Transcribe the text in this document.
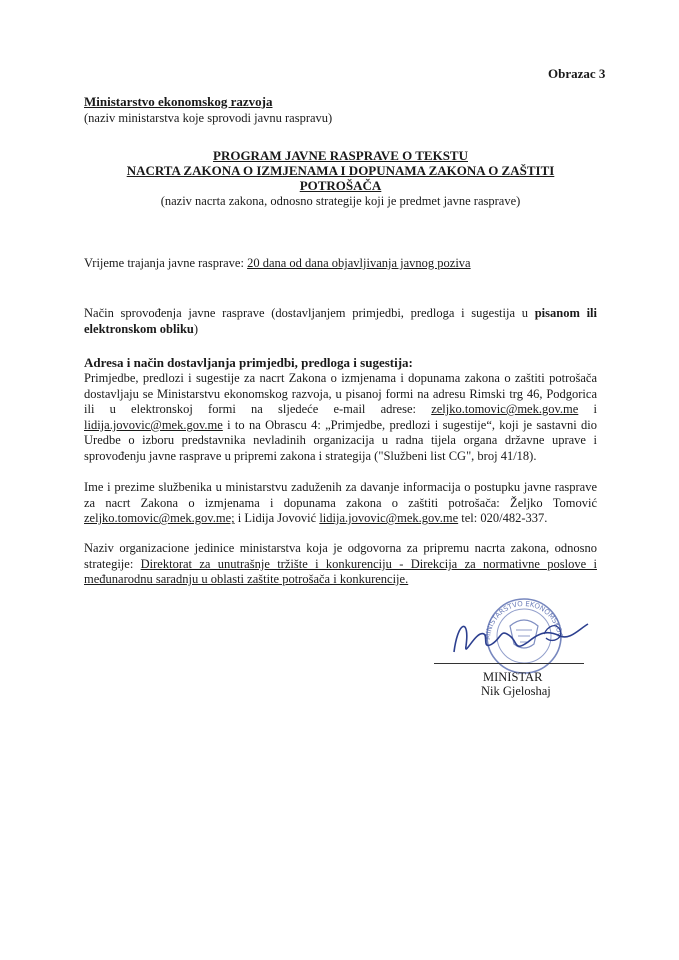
Obrazac 3
Ministarstvo ekonomskog razvoja
(naziv ministarstva koje sprovodi javnu raspravu)
PROGRAM JAVNE RASPRAVE O TEKSTU
NACRTA ZAKONA O IZMJENAMA I DOPUNAMA ZAKONA O ZAŠTITI
POTROŠAČA
(naziv nacrta zakona, odnosno strategije koji je predmet javne rasprave)
Vrijeme trajanja javne rasprave: 20 dana od dana objavljivanja javnog poziva
Način sprovođenja javne rasprave (dostavljanjem primjedbi, predloga i sugestija u pisanom ili elektronskom obliku)
Adresa i način dostavljanja primjedbi, predloga i sugestija:
Primjedbe, predlozi i sugestije za nacrt Zakona o izmjenama i dopunama zakona o zaštiti potrošača dostavljaju se Ministarstvu ekonomskog razvoja, u pisanoj formi na adresu Rimski trg 46, Podgorica ili u elektronskoj formi na sljedeće e-mail adrese: zeljko.tomovic@mek.gov.me i lidija.jovovic@mek.gov.me i to na Obrascu 4: „Primjedbe, predlozi i sugestije“, koji je sastavni dio Uredbe o izboru predstavnika nevladinih organizacija u radna tijela organa državne uprave i sprovođenju javne rasprave u pripremi zakona i strategija ("Službeni list CG", broj 41/18).
Ime i prezime službenika u ministarstvu zaduženih za davanje informacija o postupku javne rasprave za nacrt Zakona o izmjenama i dopunama zakona o zaštiti potrošača: Željko Tomović zeljko.tomovic@mek.gov.me; i Lidija Jovović lidija.jovovic@mek.gov.me tel: 020/482-337.
Naziv organizacione jedinice ministarstva koja je odgovorna za pripremu nacrta zakona, odnosno strategije: Direktorat za unutrašnje tržište i konkurenciju - Direkcija za normativne poslove i međunarodnu saradnju u oblasti zaštite potrošača i konkurencije.
MINISTARSTVO EKONOMSKOG
MINISTAR
Nik Gjeloshaj
